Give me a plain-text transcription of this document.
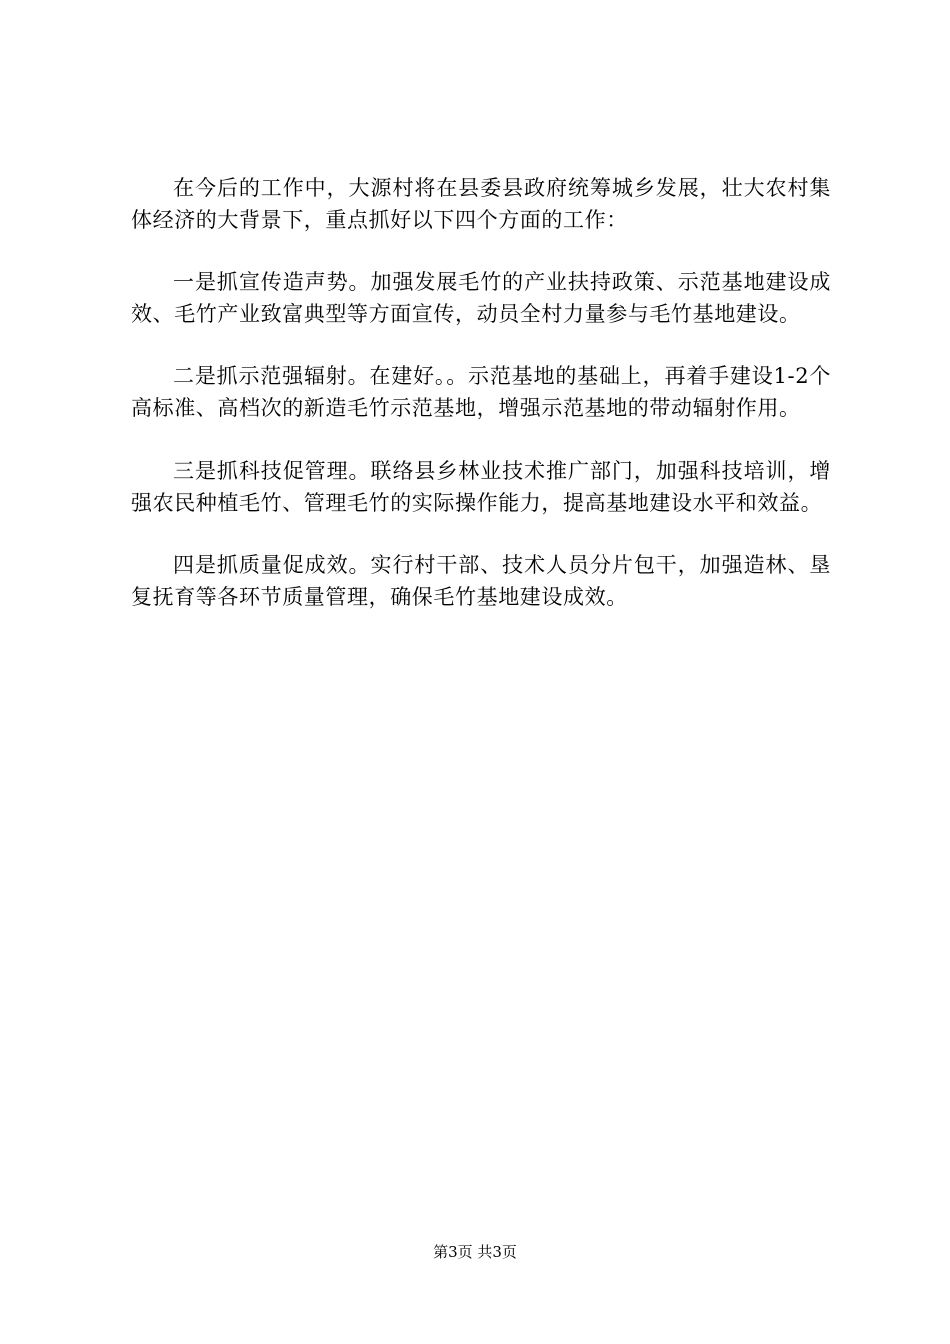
在今后的工作中，大源村将在县委县政府统筹城乡发展，壮大农村集体经济的大背景下，重点抓好以下四个方面的工作：

一是抓宣传造声势。加强发展毛竹的产业扶持政策、示范基地建设成效、毛竹产业致富典型等方面宣传，动员全村力量参与毛竹基地建设。

二是抓示范强辐射。在建好。。示范基地的基础上，再着手建设1-2个高标准、高档次的新造毛竹示范基地，增强示范基地的带动辐射作用。

三是抓科技促管理。联络县乡林业技术推广部门，加强科技培训，增强农民种植毛竹、管理毛竹的实际操作能力，提高基地建设水平和效益。

四是抓质量促成效。实行村干部、技术人员分片包干，加强造林、垦复抚育等各环节质量管理，确保毛竹基地建设成效。

第3页 共3页
